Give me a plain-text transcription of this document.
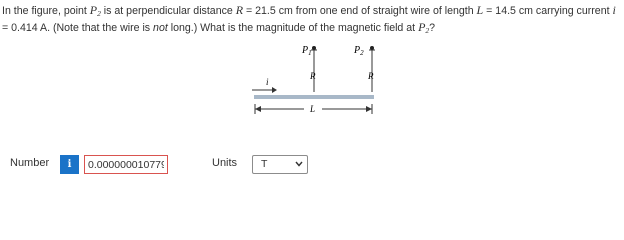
In the figure, point $P_2$ is at perpendicular distance R = 21.5 cm from one end of straight wire of length L = 14.5 cm carrying current i = 0.414 A. (Note that the wire is not long.) What is the magnitude of the magnetic field at $P_2$?

$P_1$	$P_2$
R	R
i
L
Number	i
0.000000010779	Units T
